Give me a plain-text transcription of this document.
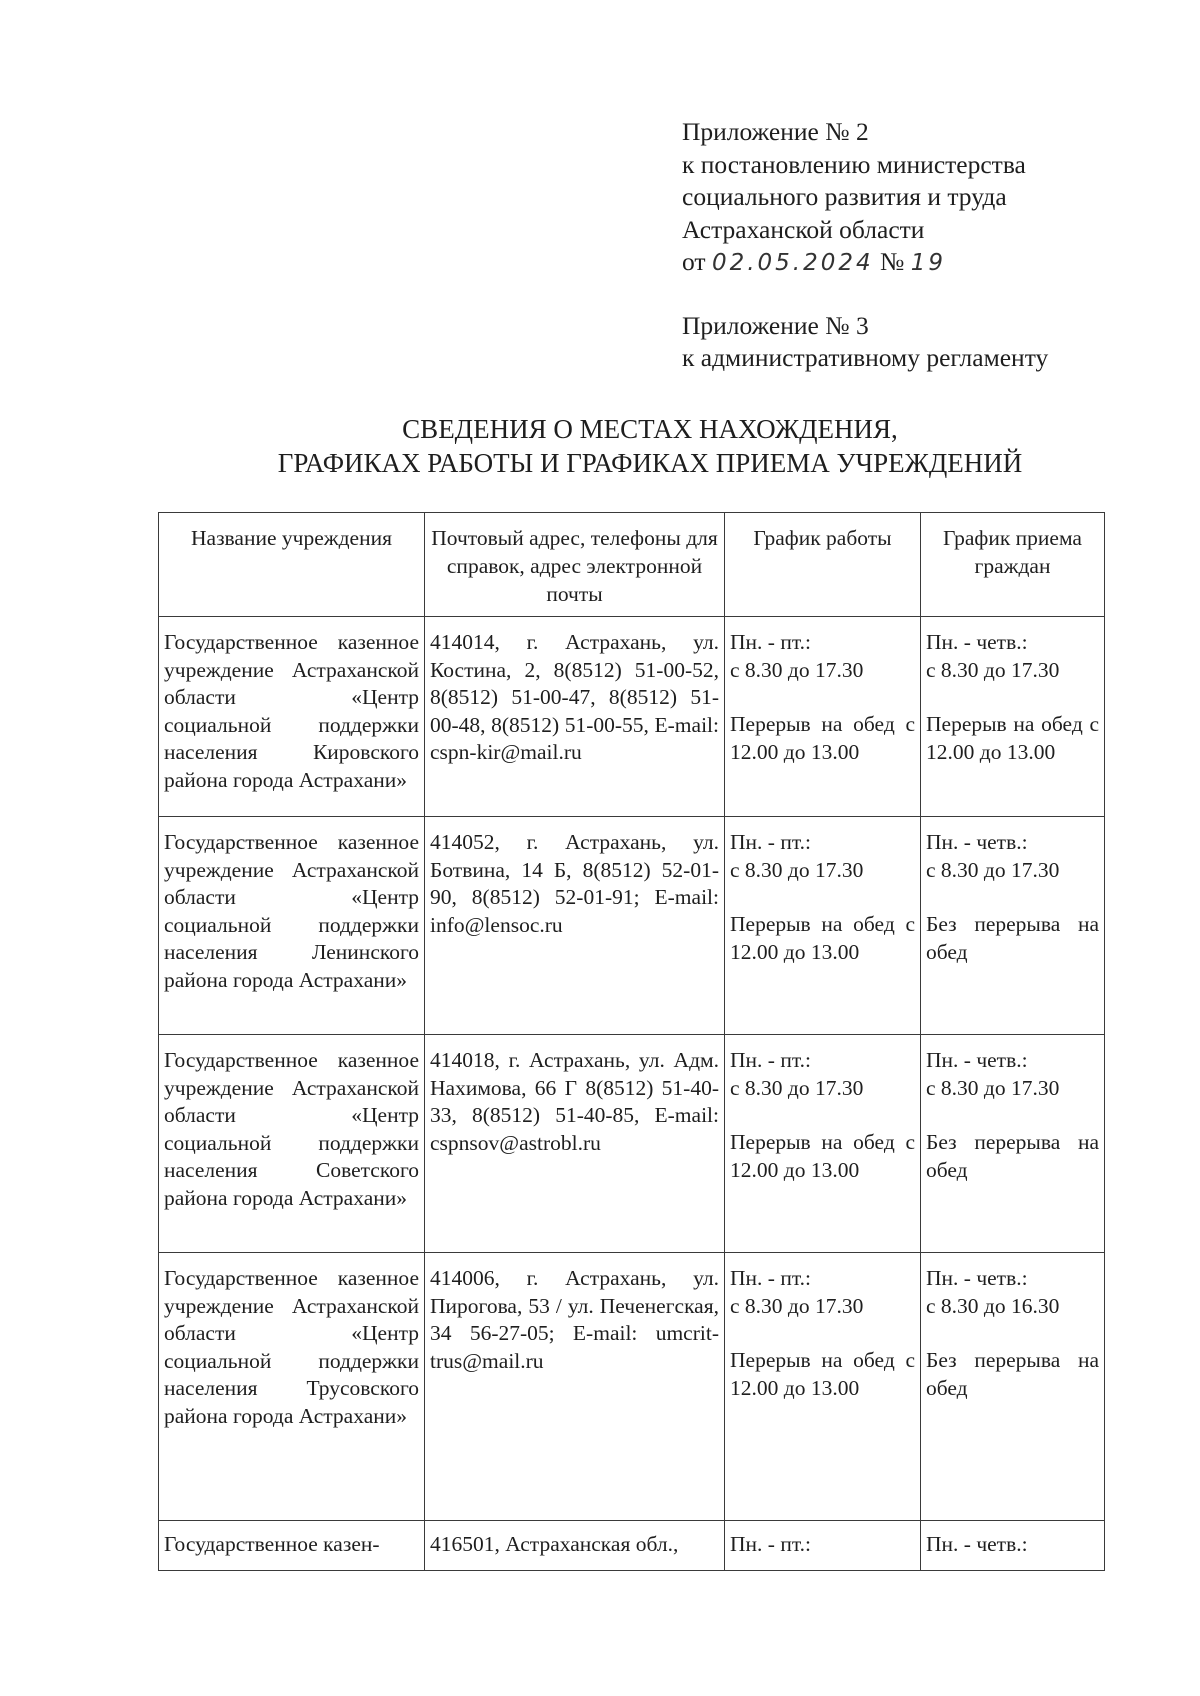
Приложение № 2
к постановлению министерства
социального развития и труда
Астраханской области
от 02.05.2024 № 19
Приложение № 3
к административному регламенту
СВЕДЕНИЯ О МЕСТАХ НАХОЖДЕНИЯ,
ГРАФИКАХ РАБОТЫ И ГРАФИКАХ ПРИЕМА УЧРЕЖДЕНИЙ
Название учреждения	Почтовый адрес, телефоны для справок, адрес электронной почты	График работы	График приема граждан
Государственное казенное учреждение Астраханской области «Центр социальной поддержки населения Кировского района города Астрахани»	414014, г. Астрахань, ул. Костина, 2, 8(8512) 51-00-52, 8(8512) 51-00-47, 8(8512) 51-00-48, 8(8512) 51-00-55, E-mail: cspn-kir@mail.ru	Пн. - пт.:
с 8.30 до 17.30
Перерыв на обед с 12.00 до 13.00	Пн. - четв.:
с 8.30 до 17.30
Перерыв на обед с 12.00 до 13.00

Государственное казенное учреждение Астраханской области «Центр социальной поддержки населения Ленинского района города Астрахани»	414052, г. Астрахань, ул. Ботвина, 14 Б, 8(8512) 52-01-90, 8(8512) 52-01-91; E-mail: info@lensoc.ru	Пн. - пт.:
с 8.30 до 17.30
Перерыв на обед с 12.00 до 13.00	Пн. - четв.:
с 8.30 до 17.30
Без перерыва на обед

Государственное казенное учреждение Астраханской области «Центр социальной поддержки населения Советского района города Астрахани»	414018, г. Астрахань, ул. Адм. Нахимова, 66 Г 8(8512) 51-40-33, 8(8512) 51-40-85, E-mail: cspnsov@astrobl.ru	Пн. - пт.:
с 8.30 до 17.30
Перерыв на обед с 12.00 до 13.00	Пн. - четв.:
с 8.30 до 17.30
Без перерыва на обед

Государственное казенное учреждение Астраханской области «Центр социальной поддержки населения Трусовского района города Астрахани»	414006, г. Астрахань, ул. Пирогова, 53 / ул. Печенегская, 34 56-27-05; E-mail: umcrit-trus@mail.ru	Пн. - пт.:
с 8.30 до 17.30
Перерыв на обед с 12.00 до 13.00	Пн. - четв.:
с 8.30 до 16.30
Без перерыва на обед

Государственное казен-	416501, Астраханская обл.,	Пн. - пт.:	Пн. - четв.:
